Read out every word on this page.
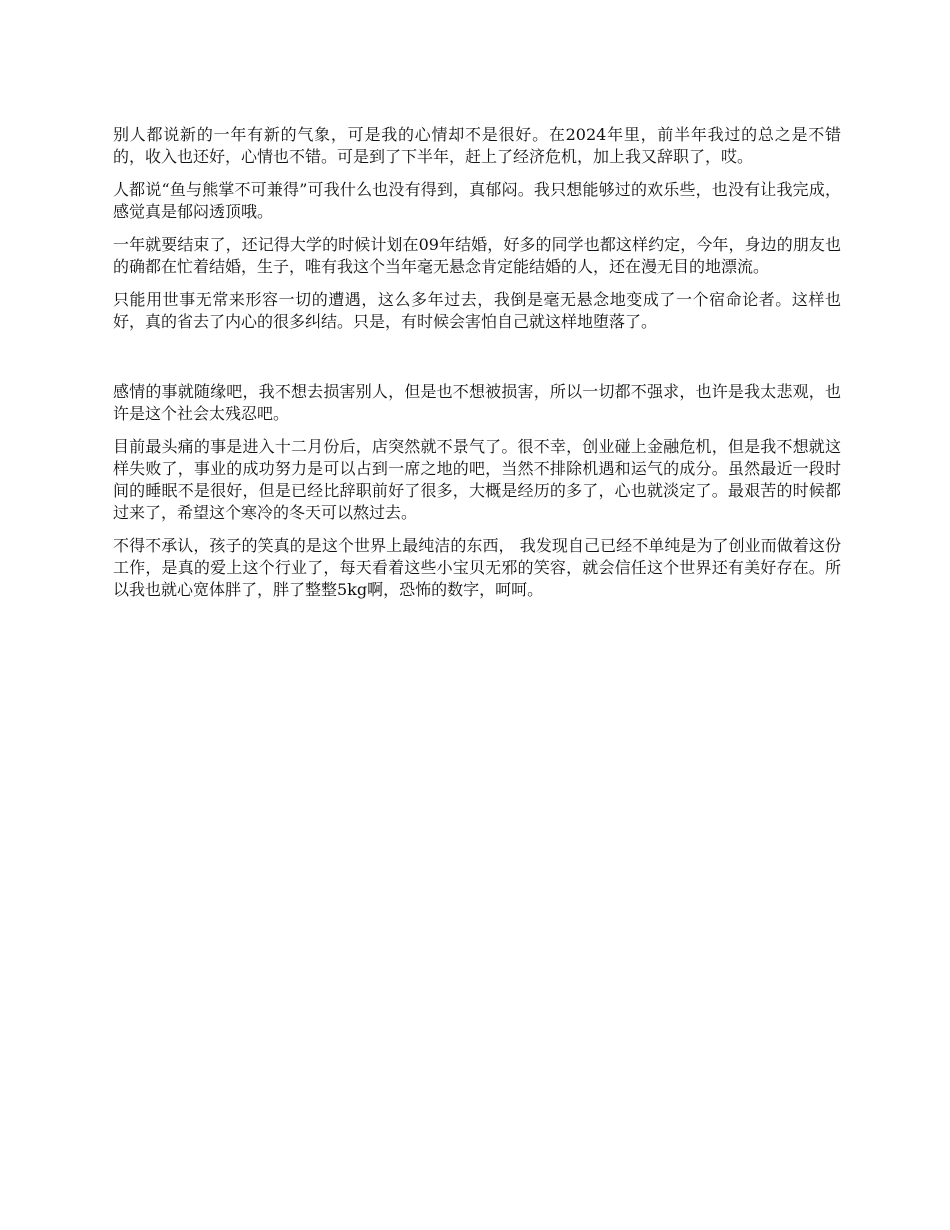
别人都说新的一年有新的气象，可是我的心情却不是很好。在2024年里，前半年我过的总之是不错的，收入也还好，心情也不错。可是到了下半年，赶上了经济危机，加上我又辞职了，哎。

人都说“鱼与熊掌不可兼得”可我什么也没有得到，真郁闷。我只想能够过的欢乐些，也没有让我完成，感觉真是郁闷透顶哦。

一年就要结束了，还记得大学的时候计划在09年结婚，好多的同学也都这样约定，今年，身边的朋友也的确都在忙着结婚，生子，唯有我这个当年毫无悬念肯定能结婚的人，还在漫无目的地漂流。

只能用世事无常来形容一切的遭遇，这么多年过去，我倒是毫无悬念地变成了一个宿命论者。这样也好，真的省去了内心的很多纠结。只是，有时候会害怕自己就这样地堕落了。

感情的事就随缘吧，我不想去损害别人，但是也不想被损害，所以一切都不强求，也许是我太悲观，也许是这个社会太残忍吧。

目前最头痛的事是进入十二月份后，店突然就不景气了。很不幸，创业碰上金融危机，但是我不想就这样失败了，事业的成功努力是可以占到一席之地的吧，当然不排除机遇和运气的成分。虽然最近一段时间的睡眠不是很好，但是已经比辞职前好了很多，大概是经历的多了，心也就淡定了。最艰苦的时候都过来了，希望这个寒冷的冬天可以熬过去。

不得不承认，孩子的笑真的是这个世界上最纯洁的东西， 我发现自己已经不单纯是为了创业而做着这份工作，是真的爱上这个行业了，每天看着这些小宝贝无邪的笑容，就会信任这个世界还有美好存在。所以我也就心宽体胖了，胖了整整5kg啊，恐怖的数字，呵呵。
